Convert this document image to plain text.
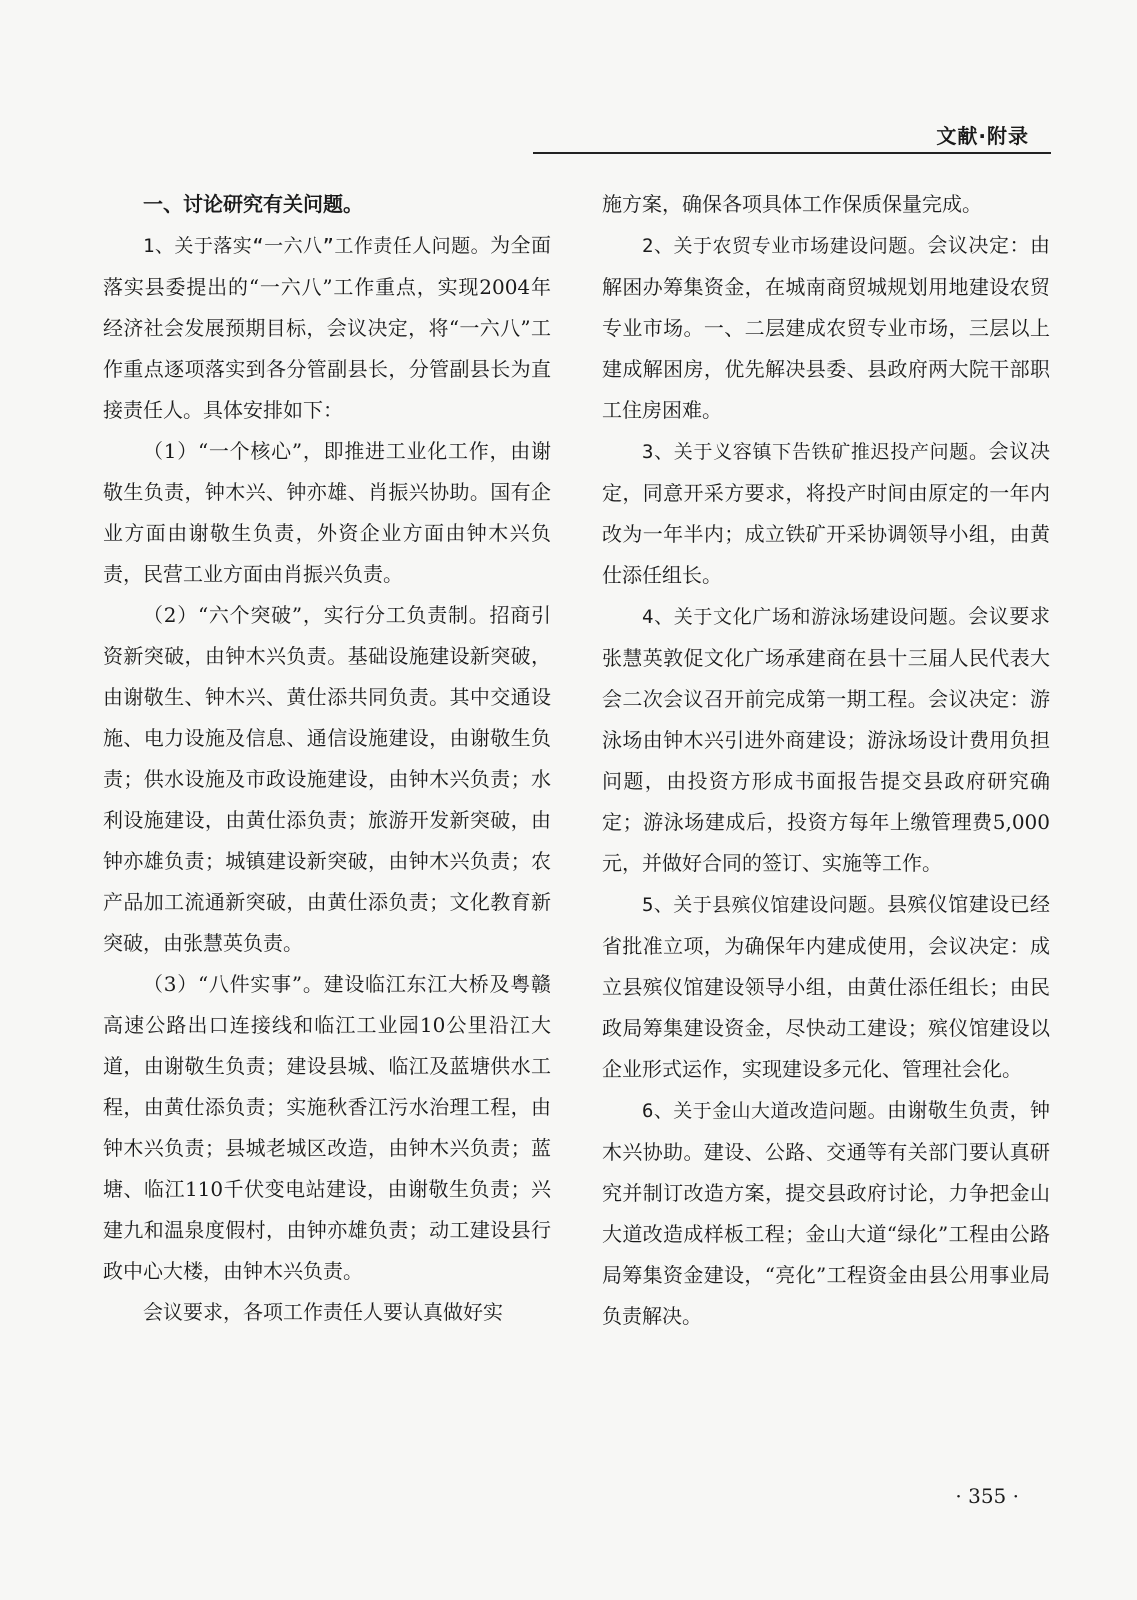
文献·附录

一、讨论研究有关问题。

1、关于落实“一六八”工作责任人问题。为全面落实县委提出的“一六八”工作重点，实现2004年经济社会发展预期目标，会议决定，将“一六八”工作重点逐项落实到各分管副县长，分管副县长为直接责任人。具体安排如下：

（1）“一个核心”，即推进工业化工作，由谢敬生负责，钟木兴、钟亦雄、肖振兴协助。国有企业方面由谢敬生负责，外资企业方面由钟木兴负责，民营工业方面由肖振兴负责。

（2）“六个突破”，实行分工负责制。招商引资新突破，由钟木兴负责。基础设施建设新突破，由谢敬生、钟木兴、黄仕添共同负责。其中交通设施、电力设施及信息、通信设施建设，由谢敬生负责；供水设施及市政设施建设，由钟木兴负责；水利设施建设，由黄仕添负责；旅游开发新突破，由钟亦雄负责；城镇建设新突破，由钟木兴负责；农产品加工流通新突破，由黄仕添负责；文化教育新突破，由张慧英负责。

（3）“八件实事”。建设临江东江大桥及粤赣高速公路出口连接线和临江工业园10公里沿江大道，由谢敬生负责；建设县城、临江及蓝塘供水工程，由黄仕添负责；实施秋香江污水治理工程，由钟木兴负责；县城老城区改造，由钟木兴负责；蓝塘、临江110千伏变电站建设，由谢敬生负责；兴建九和温泉度假村，由钟亦雄负责；动工建设县行政中心大楼，由钟木兴负责。

会议要求，各项工作责任人要认真做好实

施方案，确保各项具体工作保质保量完成。

2、关于农贸专业市场建设问题。会议决定：由解困办筹集资金，在城南商贸城规划用地建设农贸专业市场。一、二层建成农贸专业市场，三层以上建成解困房，优先解决县委、县政府两大院干部职工住房困难。

3、关于义容镇下告铁矿推迟投产问题。会议决定，同意开采方要求，将投产时间由原定的一年内改为一年半内；成立铁矿开采协调领导小组，由黄仕添任组长。

4、关于文化广场和游泳场建设问题。会议要求张慧英敦促文化广场承建商在县十三届人民代表大会二次会议召开前完成第一期工程。会议决定：游泳场由钟木兴引进外商建设；游泳场设计费用负担问题，由投资方形成书面报告提交县政府研究确定；游泳场建成后，投资方每年上缴管理费5,000元，并做好合同的签订、实施等工作。

5、关于县殡仪馆建设问题。县殡仪馆建设已经省批准立项，为确保年内建成使用，会议决定：成立县殡仪馆建设领导小组，由黄仕添任组长；由民政局筹集建设资金，尽快动工建设；殡仪馆建设以企业形式运作，实现建设多元化、管理社会化。

6、关于金山大道改造问题。由谢敬生负责，钟木兴协助。建设、公路、交通等有关部门要认真研究并制订改造方案，提交县政府讨论，力争把金山大道改造成样板工程；金山大道“绿化”工程由公路局筹集资金建设，“亮化”工程资金由县公用事业局负责解决。

· 355 ·
